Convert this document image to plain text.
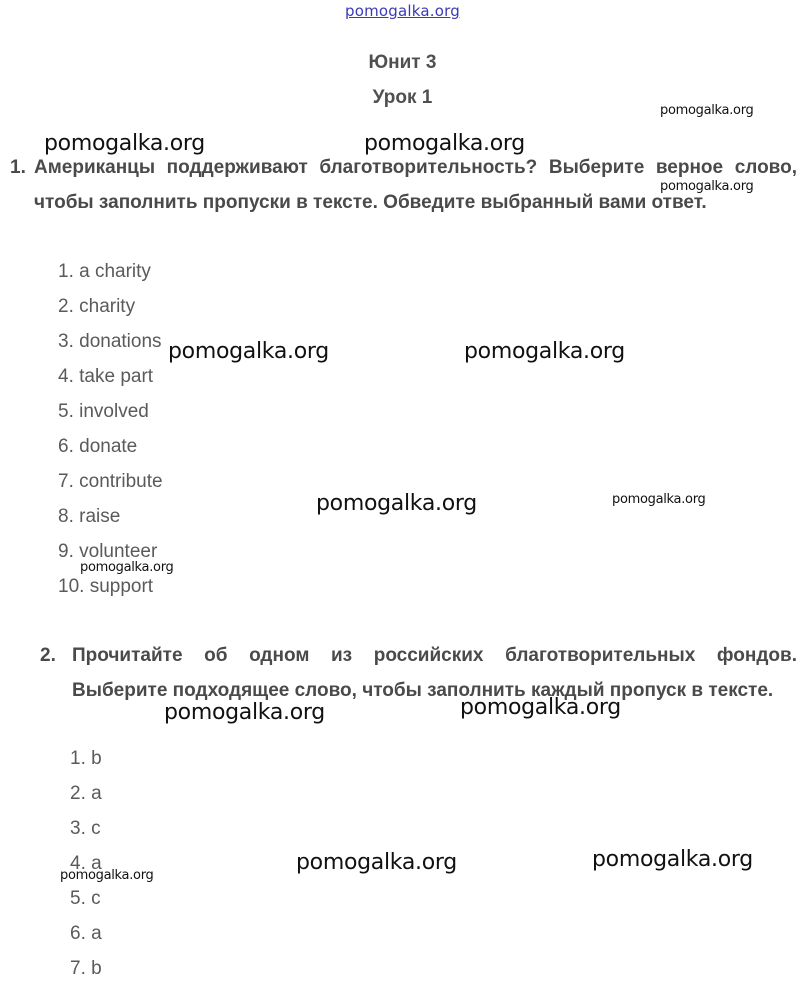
pomogalka.org
Юнит 3
Урок 1
1. Американцы поддерживают благотворительность? Выберите верное слово, чтобы заполнить пропуски в тексте. Обведите выбранный вами ответ.
1. a charity
2. charity
3. donations
4. take part
5. involved
6. donate
7. contribute
8. raise
9. volunteer
10. support
2. Прочитайте об одном из российских благотворительных фондов. Выберите подходящее слово, чтобы заполнить каждый пропуск в тексте.
1. b
2. a
3. c
4. a
5. c
6. a
7. b
pomogalka.org
pomogalka.org	pomogalka.org
pomogalka.org
pomogalka.org	pomogalka.org
pomogalka.org	pomogalka.org
pomogalka.org
pomogalka.org	pomogalka.org
pomogalka.org	pomogalka.org
pomogalka.org
